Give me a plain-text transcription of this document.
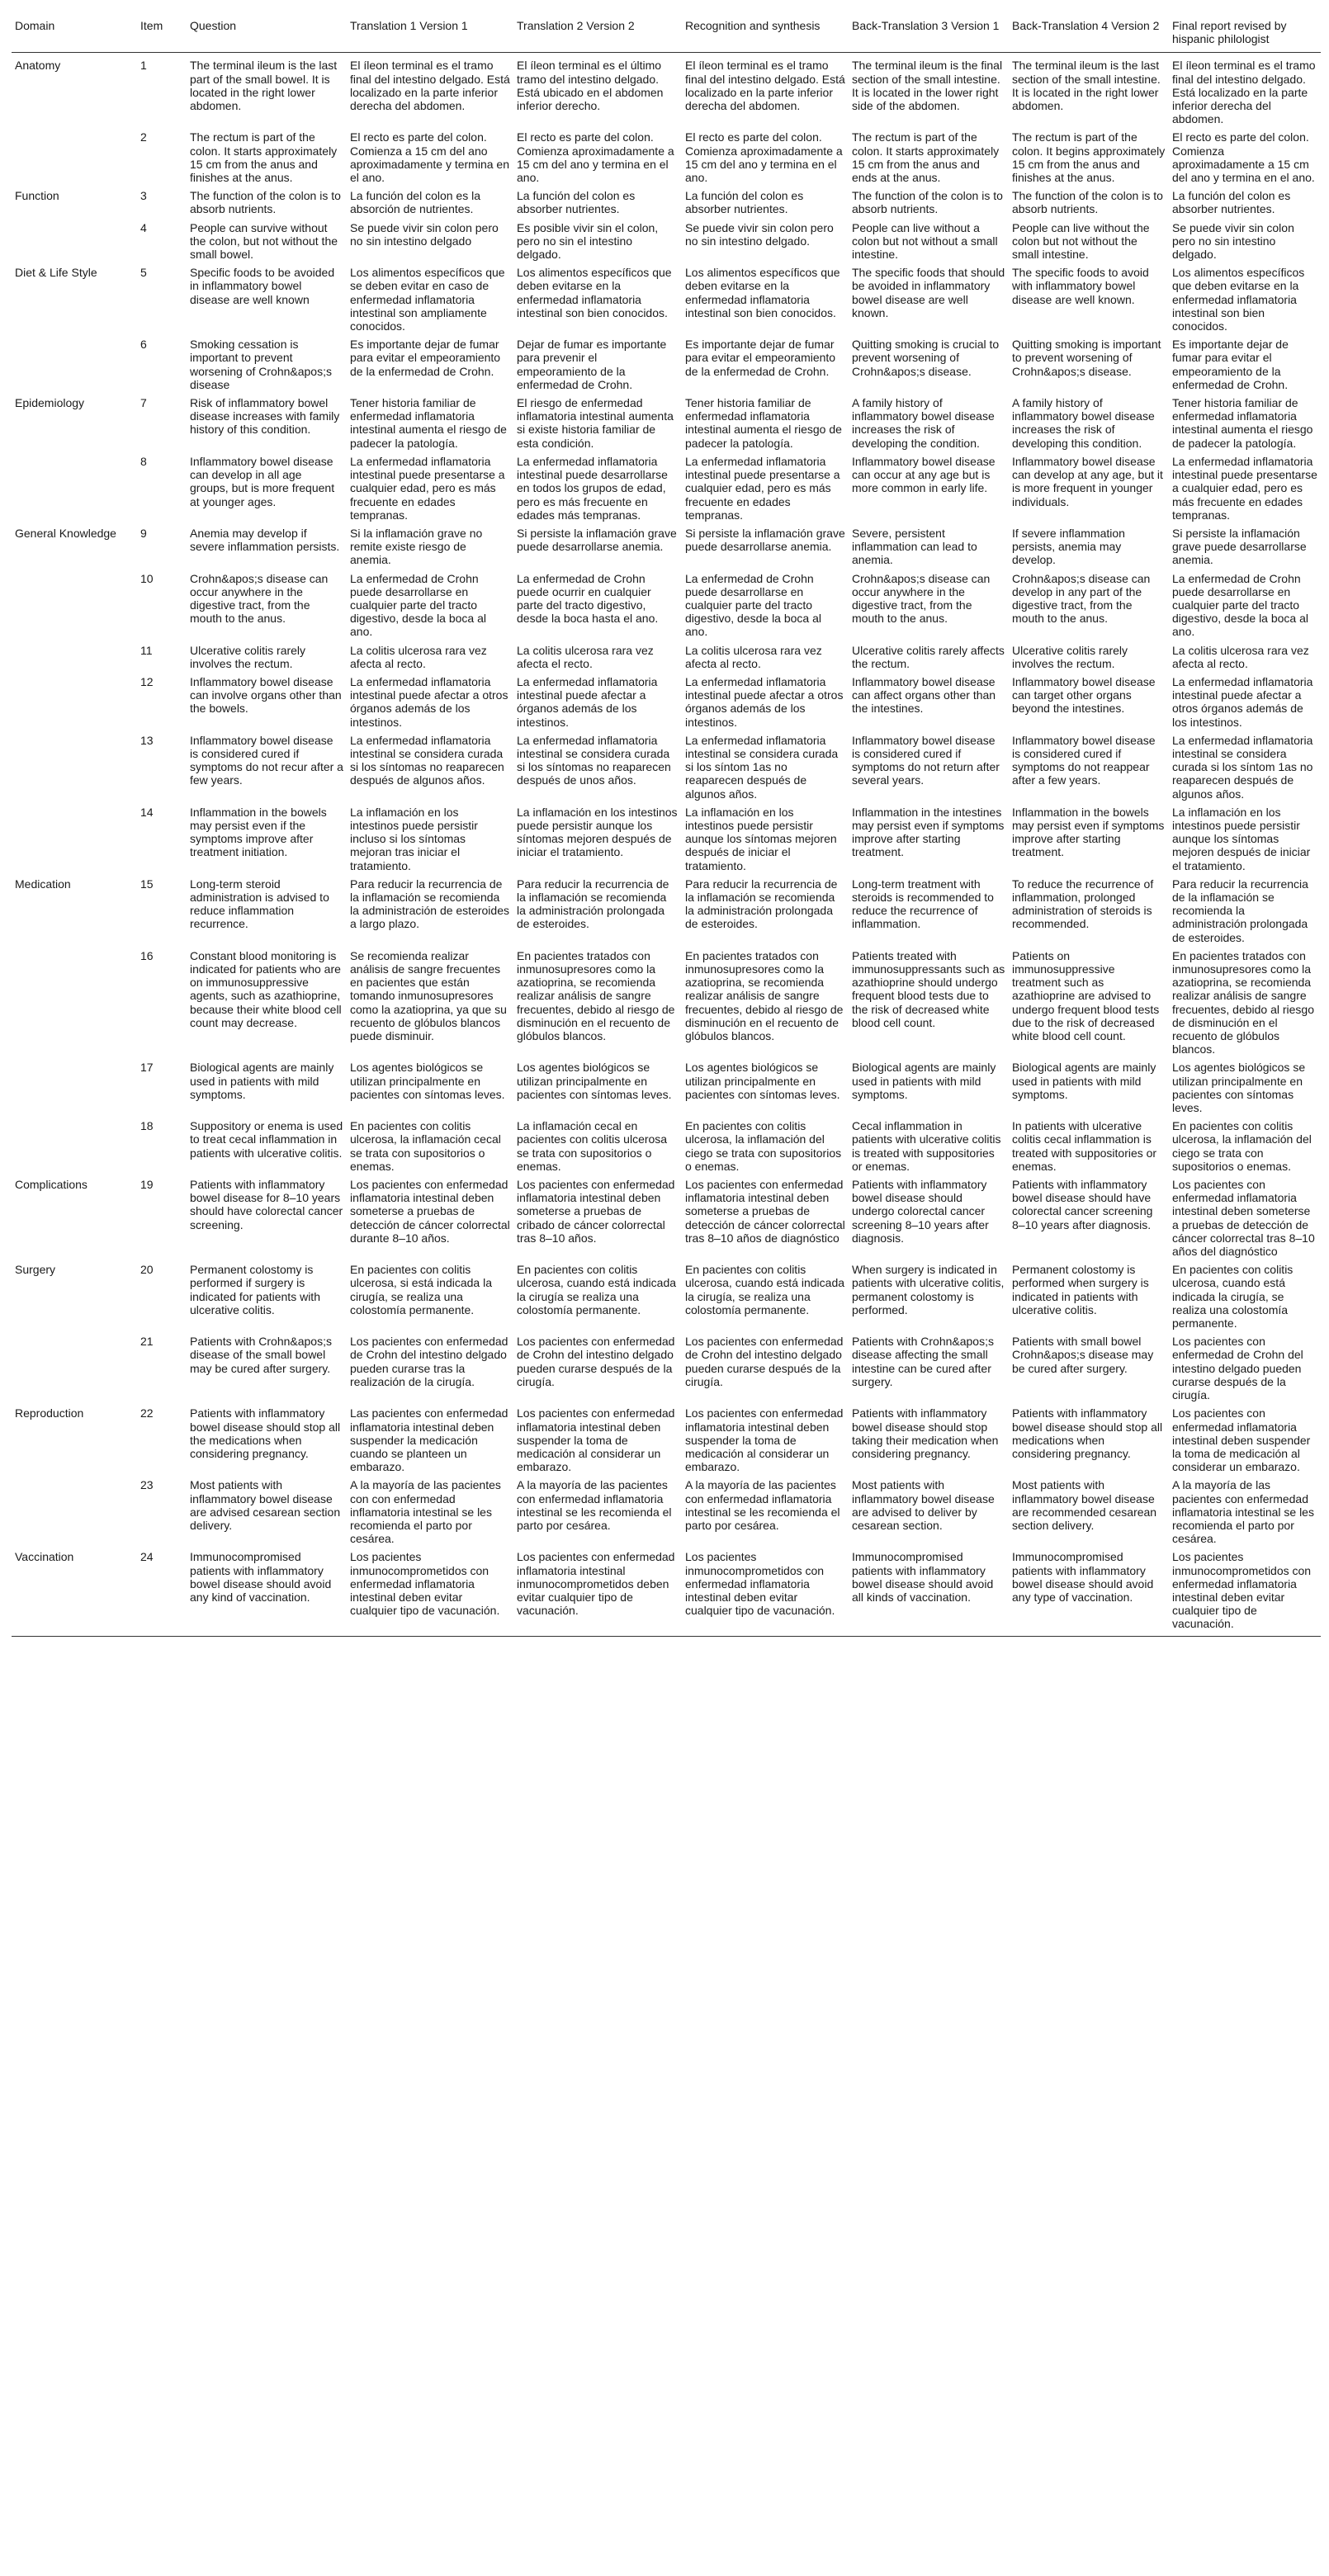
Domain	Item	Question	Translation 1 Version 1	Translation 2 Version 2	Recognition and synthesis	Back-Translation 3 Version 1	Back-Translation 4 Version 2	Final report revised by hispanic philologist
Anatomy	1	The terminal ileum is the last part of the small bowel. It is located in the right lower abdomen.	El íleon terminal es el tramo final del intestino delgado. Está localizado en la parte inferior derecha del abdomen.	El íleon terminal es el último tramo del intestino delgado. Está ubicado en el abdomen inferior derecho.	El íleon terminal es el tramo final del intestino delgado. Está localizado en la parte inferior derecha del abdomen.	The terminal ileum is the final section of the small intestine. It is located in the lower right side of the abdomen.	The terminal ileum is the last section of the small intestine. It is located in the right lower abdomen.	El íleon terminal es el tramo final del intestino delgado. Está localizado en la parte inferior derecha del abdomen.
	2	The rectum is part of the colon. It starts approximately 15 cm from the anus and finishes at the anus.	El recto es parte del colon. Comienza a 15 cm del ano aproximadamente y termina en el ano.	El recto es parte del colon. Comienza aproximadamente a 15 cm del ano y termina en el ano.	El recto es parte del colon. Comienza aproximadamente a 15 cm del ano y termina en el ano.	The rectum is part of the colon. It starts approximately 15 cm from the anus and ends at the anus.	The rectum is part of the colon. It begins approximately 15 cm from the anus and finishes at the anus.	El recto es parte del colon. Comienza aproximadamente a 15 cm del ano y termina en el ano.
Function	3	The function of the colon is to absorb nutrients.	La función del colon es la absorción de nutrientes.	La función del colon es absorber nutrientes.	La función del colon es absorber nutrientes.	The function of the colon is to absorb nutrients.	The function of the colon is to absorb nutrients.	La función del colon es absorber nutrientes.
	4	People can survive without the colon, but not without the small bowel.	Se puede vivir sin colon pero no sin intestino delgado	Es posible vivir sin el colon, pero no sin el intestino delgado.	Se puede vivir sin colon pero no sin intestino delgado.	People can live without a colon but not without a small intestine.	People can live without the colon but not without the small intestine.	Se puede vivir sin colon pero no sin intestino delgado.
Diet & Life Style	5	Specific foods to be avoided in inflammatory bowel disease are well known	Los alimentos específicos que se deben evitar en caso de enfermedad inflamatoria intestinal son ampliamente conocidos.	Los alimentos específicos que deben evitarse en la enfermedad inflamatoria intestinal son bien conocidos.	Los alimentos específicos que deben evitarse en la enfermedad inflamatoria intestinal son bien conocidos.	The specific foods that should be avoided in inflammatory bowel disease are well known.	The specific foods to avoid with inflammatory bowel disease are well known.	Los alimentos específicos que deben evitarse en la enfermedad inflamatoria intestinal son bien conocidos.
	6	Smoking cessation is important to prevent worsening of Crohn&apos;s disease	Es importante dejar de fumar para evitar el empeoramiento de la enfermedad de Crohn.	Dejar de fumar es importante para prevenir el empeoramiento de la enfermedad de Crohn.	Es importante dejar de fumar para evitar el empeoramiento de la enfermedad de Crohn.	Quitting smoking is crucial to prevent worsening of Crohn&apos;s disease.	Quitting smoking is important to prevent worsening of Crohn&apos;s disease.	Es importante dejar de fumar para evitar el empeoramiento de la enfermedad de Crohn.
Epidemiology	7	Risk of inflammatory bowel disease increases with family history of this condition.	Tener historia familiar de enfermedad inflamatoria intestinal aumenta el riesgo de padecer la patología.	El riesgo de enfermedad inflamatoria intestinal aumenta si existe historia familiar de esta condición.	Tener historia familiar de enfermedad inflamatoria intestinal aumenta el riesgo de padecer la patología.	A family history of inflammatory bowel disease increases the risk of developing the condition.	A family history of inflammatory bowel disease increases the risk of developing this condition.	Tener historia familiar de enfermedad inflamatoria intestinal aumenta el riesgo de padecer la patología.
	8	Inflammatory bowel disease can develop in all age groups, but is more frequent at younger ages.	La enfermedad inflamatoria intestinal puede presentarse a cualquier edad, pero es más frecuente en edades tempranas.	La enfermedad inflamatoria intestinal puede desarrollarse en todos los grupos de edad, pero es más frecuente en edades más tempranas.	La enfermedad inflamatoria intestinal puede presentarse a cualquier edad, pero es más frecuente en edades tempranas.	Inflammatory bowel disease can occur at any age but is more common in early life.	Inflammatory bowel disease can develop at any age, but it is more frequent in younger individuals.	La enfermedad inflamatoria intestinal puede presentarse a cualquier edad, pero es más frecuente en edades tempranas.
General Knowledge	9	Anemia may develop if severe inflammation persists.	Si la inflamación grave no remite existe riesgo de anemia.	Si persiste la inflamación grave puede desarrollarse anemia.	Si persiste la inflamación grave puede desarrollarse anemia.	Severe, persistent inflammation can lead to anemia.	If severe inflammation persists, anemia may develop.	Si persiste la inflamación grave puede desarrollarse anemia.
	10	Crohn&apos;s disease can occur anywhere in the digestive tract, from the mouth to the anus.	La enfermedad de Crohn puede desarrollarse en cualquier parte del tracto digestivo, desde la boca al ano.	La enfermedad de Crohn puede ocurrir en cualquier parte del tracto digestivo, desde la boca hasta el ano.	La enfermedad de Crohn puede desarrollarse en cualquier parte del tracto digestivo, desde la boca al ano.	Crohn&apos;s disease can occur anywhere in the digestive tract, from the mouth to the anus.	Crohn&apos;s disease can develop in any part of the digestive tract, from the mouth to the anus.	La enfermedad de Crohn puede desarrollarse en cualquier parte del tracto digestivo, desde la boca al ano.
	11	Ulcerative colitis rarely involves the rectum.	La colitis ulcerosa rara vez afecta al recto.	La colitis ulcerosa rara vez afecta el recto.	La colitis ulcerosa rara vez afecta al recto.	Ulcerative colitis rarely affects the rectum.	Ulcerative colitis rarely involves the rectum.	La colitis ulcerosa rara vez afecta al recto.
	12	Inflammatory bowel disease can involve organs other than the bowels.	La enfermedad inflamatoria intestinal puede afectar a otros órganos además de los intestinos.	La enfermedad inflamatoria intestinal puede afectar a órganos además de los intestinos.	La enfermedad inflamatoria intestinal puede afectar a otros órganos además de los intestinos.	Inflammatory bowel disease can affect organs other than the intestines.	Inflammatory bowel disease can target other organs beyond the intestines.	La enfermedad inflamatoria intestinal puede afectar a otros órganos además de los intestinos.
	13	Inflammatory bowel disease is considered cured if symptoms do not recur after a few years.	La enfermedad inflamatoria intestinal se considera curada si los síntomas no reaparecen después de algunos años.	La enfermedad inflamatoria intestinal se considera curada si los síntomas no reaparecen después de unos años.	La enfermedad inflamatoria intestinal se considera curada si los síntom 1as no reaparecen después de algunos años.	Inflammatory bowel disease is considered cured if symptoms do not return after several years.	Inflammatory bowel disease is considered cured if symptoms do not reappear after a few years.	La enfermedad inflamatoria intestinal se considera curada si los síntom 1as no reaparecen después de algunos años.
	14	Inflammation in the bowels may persist even if the symptoms improve after treatment initiation.	La inflamación en los intestinos puede persistir incluso si los síntomas mejoran tras iniciar el tratamiento.	La inflamación en los intestinos puede persistir aunque los síntomas mejoren después de iniciar el tratamiento.	La inflamación en los intestinos puede persistir aunque los síntomas mejoren después de iniciar el tratamiento.	Inflammation in the intestines may persist even if symptoms improve after starting treatment.	Inflammation in the bowels may persist even if symptoms improve after starting treatment.	La inflamación en los intestinos puede persistir aunque los síntomas mejoren después de iniciar el tratamiento.
Medication	15	Long-term steroid administration is advised to reduce inflammation recurrence.	Para reducir la recurrencia de la inflamación se recomienda la administración de esteroides a largo plazo.	Para reducir la recurrencia de la inflamación se recomienda la administración prolongada de esteroides.	Para reducir la recurrencia de la inflamación se recomienda la administración prolongada de esteroides.	Long-term treatment with steroids is recommended to reduce the recurrence of inflammation.	To reduce the recurrence of inflammation, prolonged administration of steroids is recommended.	Para reducir la recurrencia de la inflamación se recomienda la administración prolongada de esteroides.
	16	Constant blood monitoring is indicated for patients who are on immunosuppressive agents, such as azathioprine, because their white blood cell count may decrease.	Se recomienda realizar análisis de sangre frecuentes en pacientes que están tomando inmunosupresores como la azatioprina, ya que su recuento de glóbulos blancos puede disminuir.	En pacientes tratados con inmunosupresores como la azatioprina, se recomienda realizar análisis de sangre frecuentes, debido al riesgo de disminución en el recuento de glóbulos blancos.	En pacientes tratados con inmunosupresores como la azatioprina, se recomienda realizar análisis de sangre frecuentes, debido al riesgo de disminución en el recuento de glóbulos blancos.	Patients treated with immunosuppressants such as azathioprine should undergo frequent blood tests due to the risk of decreased white blood cell count.	Patients on immunosuppressive treatment such as azathioprine are advised to undergo frequent blood tests due to the risk of decreased white blood cell count.	En pacientes tratados con inmunosupresores como la azatioprina, se recomienda realizar análisis de sangre frecuentes, debido al riesgo de disminución en el recuento de glóbulos blancos.
	17	Biological agents are mainly used in patients with mild symptoms.	Los agentes biológicos se utilizan principalmente en pacientes con síntomas leves.	Los agentes biológicos se utilizan principalmente en pacientes con síntomas leves.	Los agentes biológicos se utilizan principalmente en pacientes con síntomas leves.	Biological agents are mainly used in patients with mild symptoms.	Biological agents are mainly used in patients with mild symptoms.	Los agentes biológicos se utilizan principalmente en pacientes con síntomas leves.
	18	Suppository or enema is used to treat cecal inflammation in patients with ulcerative colitis.	En pacientes con colitis ulcerosa, la inflamación cecal se trata con supositorios o enemas.	La inflamación cecal en pacientes con colitis ulcerosa se trata con supositorios o enemas.	En pacientes con colitis ulcerosa, la inflamación del ciego se trata con supositorios o enemas.	Cecal inflammation in patients with ulcerative colitis is treated with suppositories or enemas.	In patients with ulcerative colitis cecal inflammation is treated with suppositories or enemas.	En pacientes con colitis ulcerosa, la inflamación del ciego se trata con supositorios o enemas.
Complications	19	Patients with inflammatory bowel disease for 8–10 years should have colorectal cancer screening.	Los pacientes con enfermedad inflamatoria intestinal deben someterse a pruebas de detección de cáncer colorrectal durante 8–10 años.	Los pacientes con enfermedad inflamatoria intestinal deben someterse a pruebas de cribado de cáncer colorrectal tras 8–10 años.	Los pacientes con enfermedad inflamatoria intestinal deben someterse a pruebas de detección de cáncer colorrectal tras 8–10 años de diagnóstico	Patients with inflammatory bowel disease should undergo colorectal cancer screening 8–10 years after diagnosis.	Patients with inflammatory bowel disease should have colorectal cancer screening 8–10 years after diagnosis.	Los pacientes con enfermedad inflamatoria intestinal deben someterse a pruebas de detección de cáncer colorrectal tras 8–10 años del diagnóstico
Surgery	20	Permanent colostomy is performed if surgery is indicated for patients with ulcerative colitis.	En pacientes con colitis ulcerosa, si está indicada la cirugía, se realiza una colostomía permanente.	En pacientes con colitis ulcerosa, cuando está indicada la cirugía se realiza una colostomía permanente.	En pacientes con colitis ulcerosa, cuando está indicada la cirugía, se realiza una colostomía permanente.	When surgery is indicated in patients with ulcerative colitis, permanent colostomy is performed.	Permanent colostomy is performed when surgery is indicated in patients with ulcerative colitis.	En pacientes con colitis ulcerosa, cuando está indicada la cirugía, se realiza una colostomía permanente.
	21	Patients with Crohn&apos;s disease of the small bowel may be cured after surgery.	Los pacientes con enfermedad de Crohn del intestino delgado pueden curarse tras la realización de la cirugía.	Los pacientes con enfermedad de Crohn del intestino delgado pueden curarse después de la cirugía.	Los pacientes con enfermedad de Crohn del intestino delgado pueden curarse después de la cirugía.	Patients with Crohn&apos;s disease affecting the small intestine can be cured after surgery.	Patients with small bowel Crohn&apos;s disease may be cured after surgery.	Los pacientes con enfermedad de Crohn del intestino delgado pueden curarse después de la cirugía.
Reproduction	22	Patients with inflammatory bowel disease should stop all the medications when considering pregnancy.	Las pacientes con enfermedad inflamatoria intestinal deben suspender la medicación cuando se planteen un embarazo.	Los pacientes con enfermedad inflamatoria intestinal deben suspender la toma de medicación al considerar un embarazo.	Los pacientes con enfermedad inflamatoria intestinal deben suspender la toma de medicación al considerar un embarazo.	Patients with inflammatory bowel disease should stop taking their medication when considering pregnancy.	Patients with inflammatory bowel disease should stop all medications when considering pregnancy.	Los pacientes con enfermedad inflamatoria intestinal deben suspender la toma de medicación al considerar un embarazo.
	23	Most patients with inflammatory bowel disease are advised cesarean section delivery.	A la mayoría de las pacientes con con enfermedad inflamatoria intestinal se les recomienda el parto por cesárea.	A la mayoría de las pacientes con enfermedad inflamatoria intestinal se les recomienda el parto por cesárea.	A la mayoría de las pacientes con enfermedad inflamatoria intestinal se les recomienda el parto por cesárea.	Most patients with inflammatory bowel disease are advised to deliver by cesarean section.	Most patients with inflammatory bowel disease are recommended cesarean section delivery.	A la mayoría de las pacientes con enfermedad inflamatoria intestinal se les recomienda el parto por cesárea.
Vaccination	24	Immunocompromised patients with inflammatory bowel disease should avoid any kind of vaccination.	Los pacientes inmunocomprometidos con enfermedad inflamatoria intestinal deben evitar cualquier tipo de vacunación.	Los pacientes con enfermedad inflamatoria intestinal inmunocomprometidos deben evitar cualquier tipo de vacunación.	Los pacientes inmunocomprometidos con enfermedad inflamatoria intestinal deben evitar cualquier tipo de vacunación.	Immunocompromised patients with inflammatory bowel disease should avoid all kinds of vaccination.	Immunocompromised patients with inflammatory bowel disease should avoid any type of vaccination.	Los pacientes inmunocomprometidos con enfermedad inflamatoria intestinal deben evitar cualquier tipo de vacunación.
